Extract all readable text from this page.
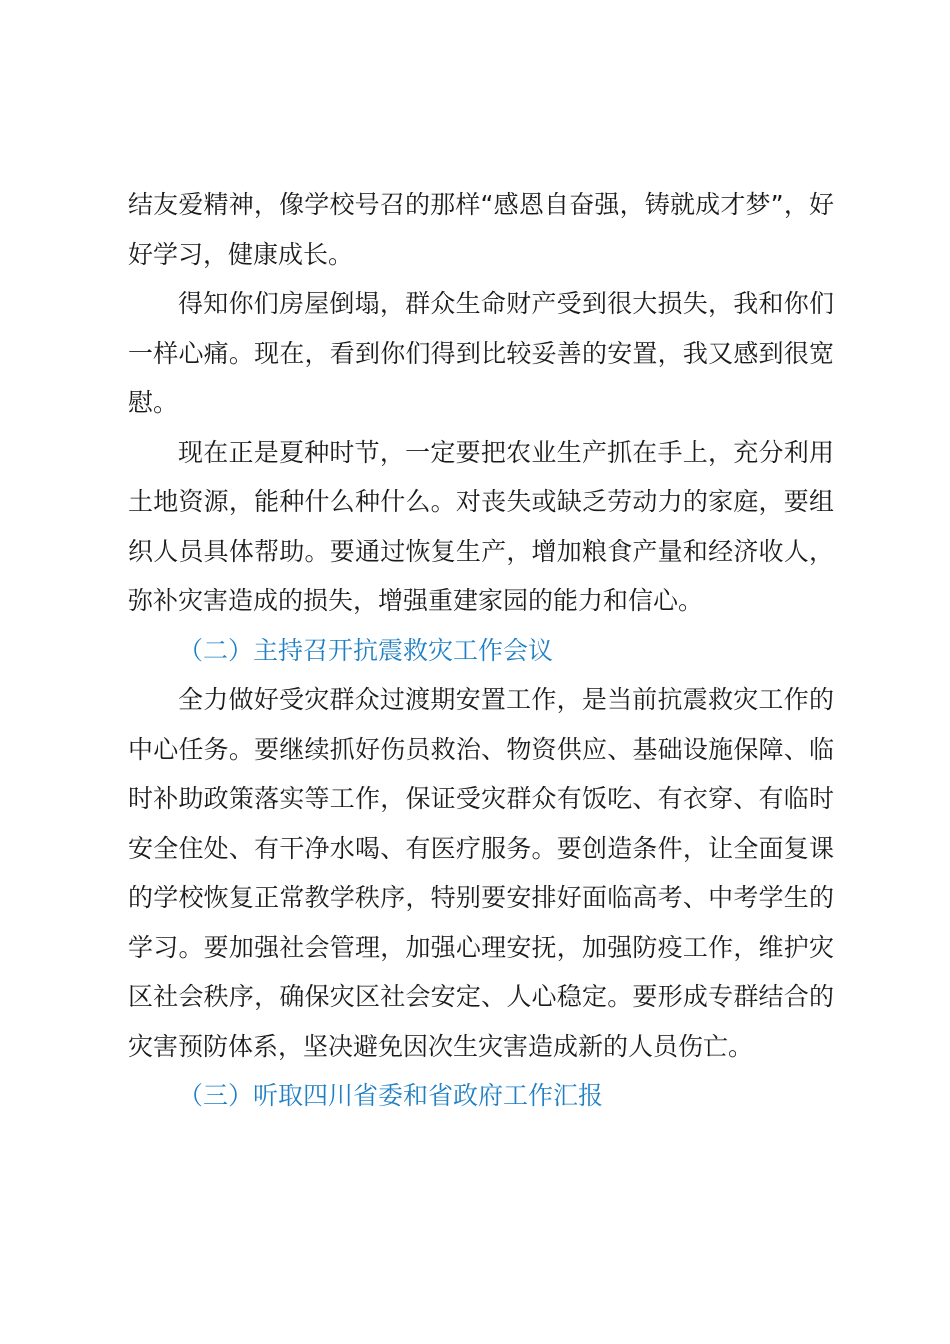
结友爱精神，像学校号召的那样“感恩自奋强，铸就成才梦”，好好学习，健康成长。

得知你们房屋倒塌，群众生命财产受到很大损失，我和你们一样心痛。现在，看到你们得到比较妥善的安置，我又感到很宽慰。

现在正是夏种时节，一定要把农业生产抓在手上，充分利用土地资源，能种什么种什么。对丧失或缺乏劳动力的家庭，要组织人员具体帮助。要通过恢复生产，增加粮食产量和经济收人，弥补灾害造成的损失，增强重建家园的能力和信心。

（二）主持召开抗震救灾工作会议

全力做好受灾群众过渡期安置工作，是当前抗震救灾工作的中心任务。要继续抓好伤员救治、物资供应、基础设施保障、临时补助政策落实等工作，保证受灾群众有饭吃、有衣穿、有临时安全住处、有干净水喝、有医疗服务。要创造条件，让全面复课的学校恢复正常教学秩序，特别要安排好面临高考、中考学生的学习。要加强社会管理，加强心理安抚，加强防疫工作，维护灾区社会秩序，确保灾区社会安定、人心稳定。要形成专群结合的灾害预防体系，坚决避免因次生灾害造成新的人员伤亡。

（三）听取四川省委和省政府工作汇报
